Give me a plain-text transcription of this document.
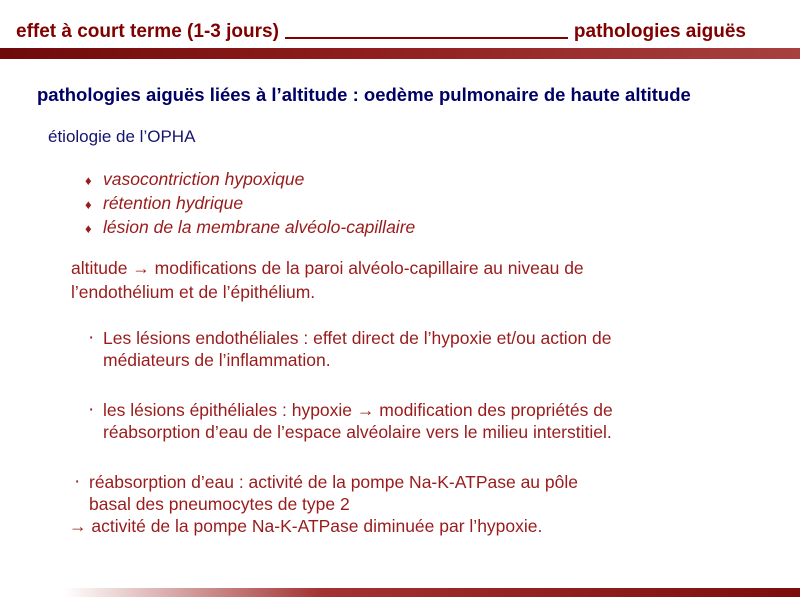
effet à court terme (1-3 jours)	pathologies aiguës
pathologies aiguës liées à l’altitude : oedème pulmonaire de haute altitude
étiologie de l’OPHA
♦ vasocontriction hypoxique
♦ rétention hydrique
♦ lésion de la membrane alvéolo-capillaire
altitude → modifications de la paroi alvéolo-capillaire au niveau de
l’endothélium et de l’épithélium.
· Les lésions endothéliales : effet direct de l’hypoxie et/ou action de
médiateurs de l’inflammation.
· les lésions épithéliales : hypoxie → modification des propriétés de
réabsorption d’eau de l’espace alvéolaire vers le milieu interstitiel.
· réabsorption d’eau : activité de la pompe Na-K-ATPase au pôle
basal des pneumocytes de type 2
→ activité de la pompe Na-K-ATPase diminuée par l’hypoxie.
